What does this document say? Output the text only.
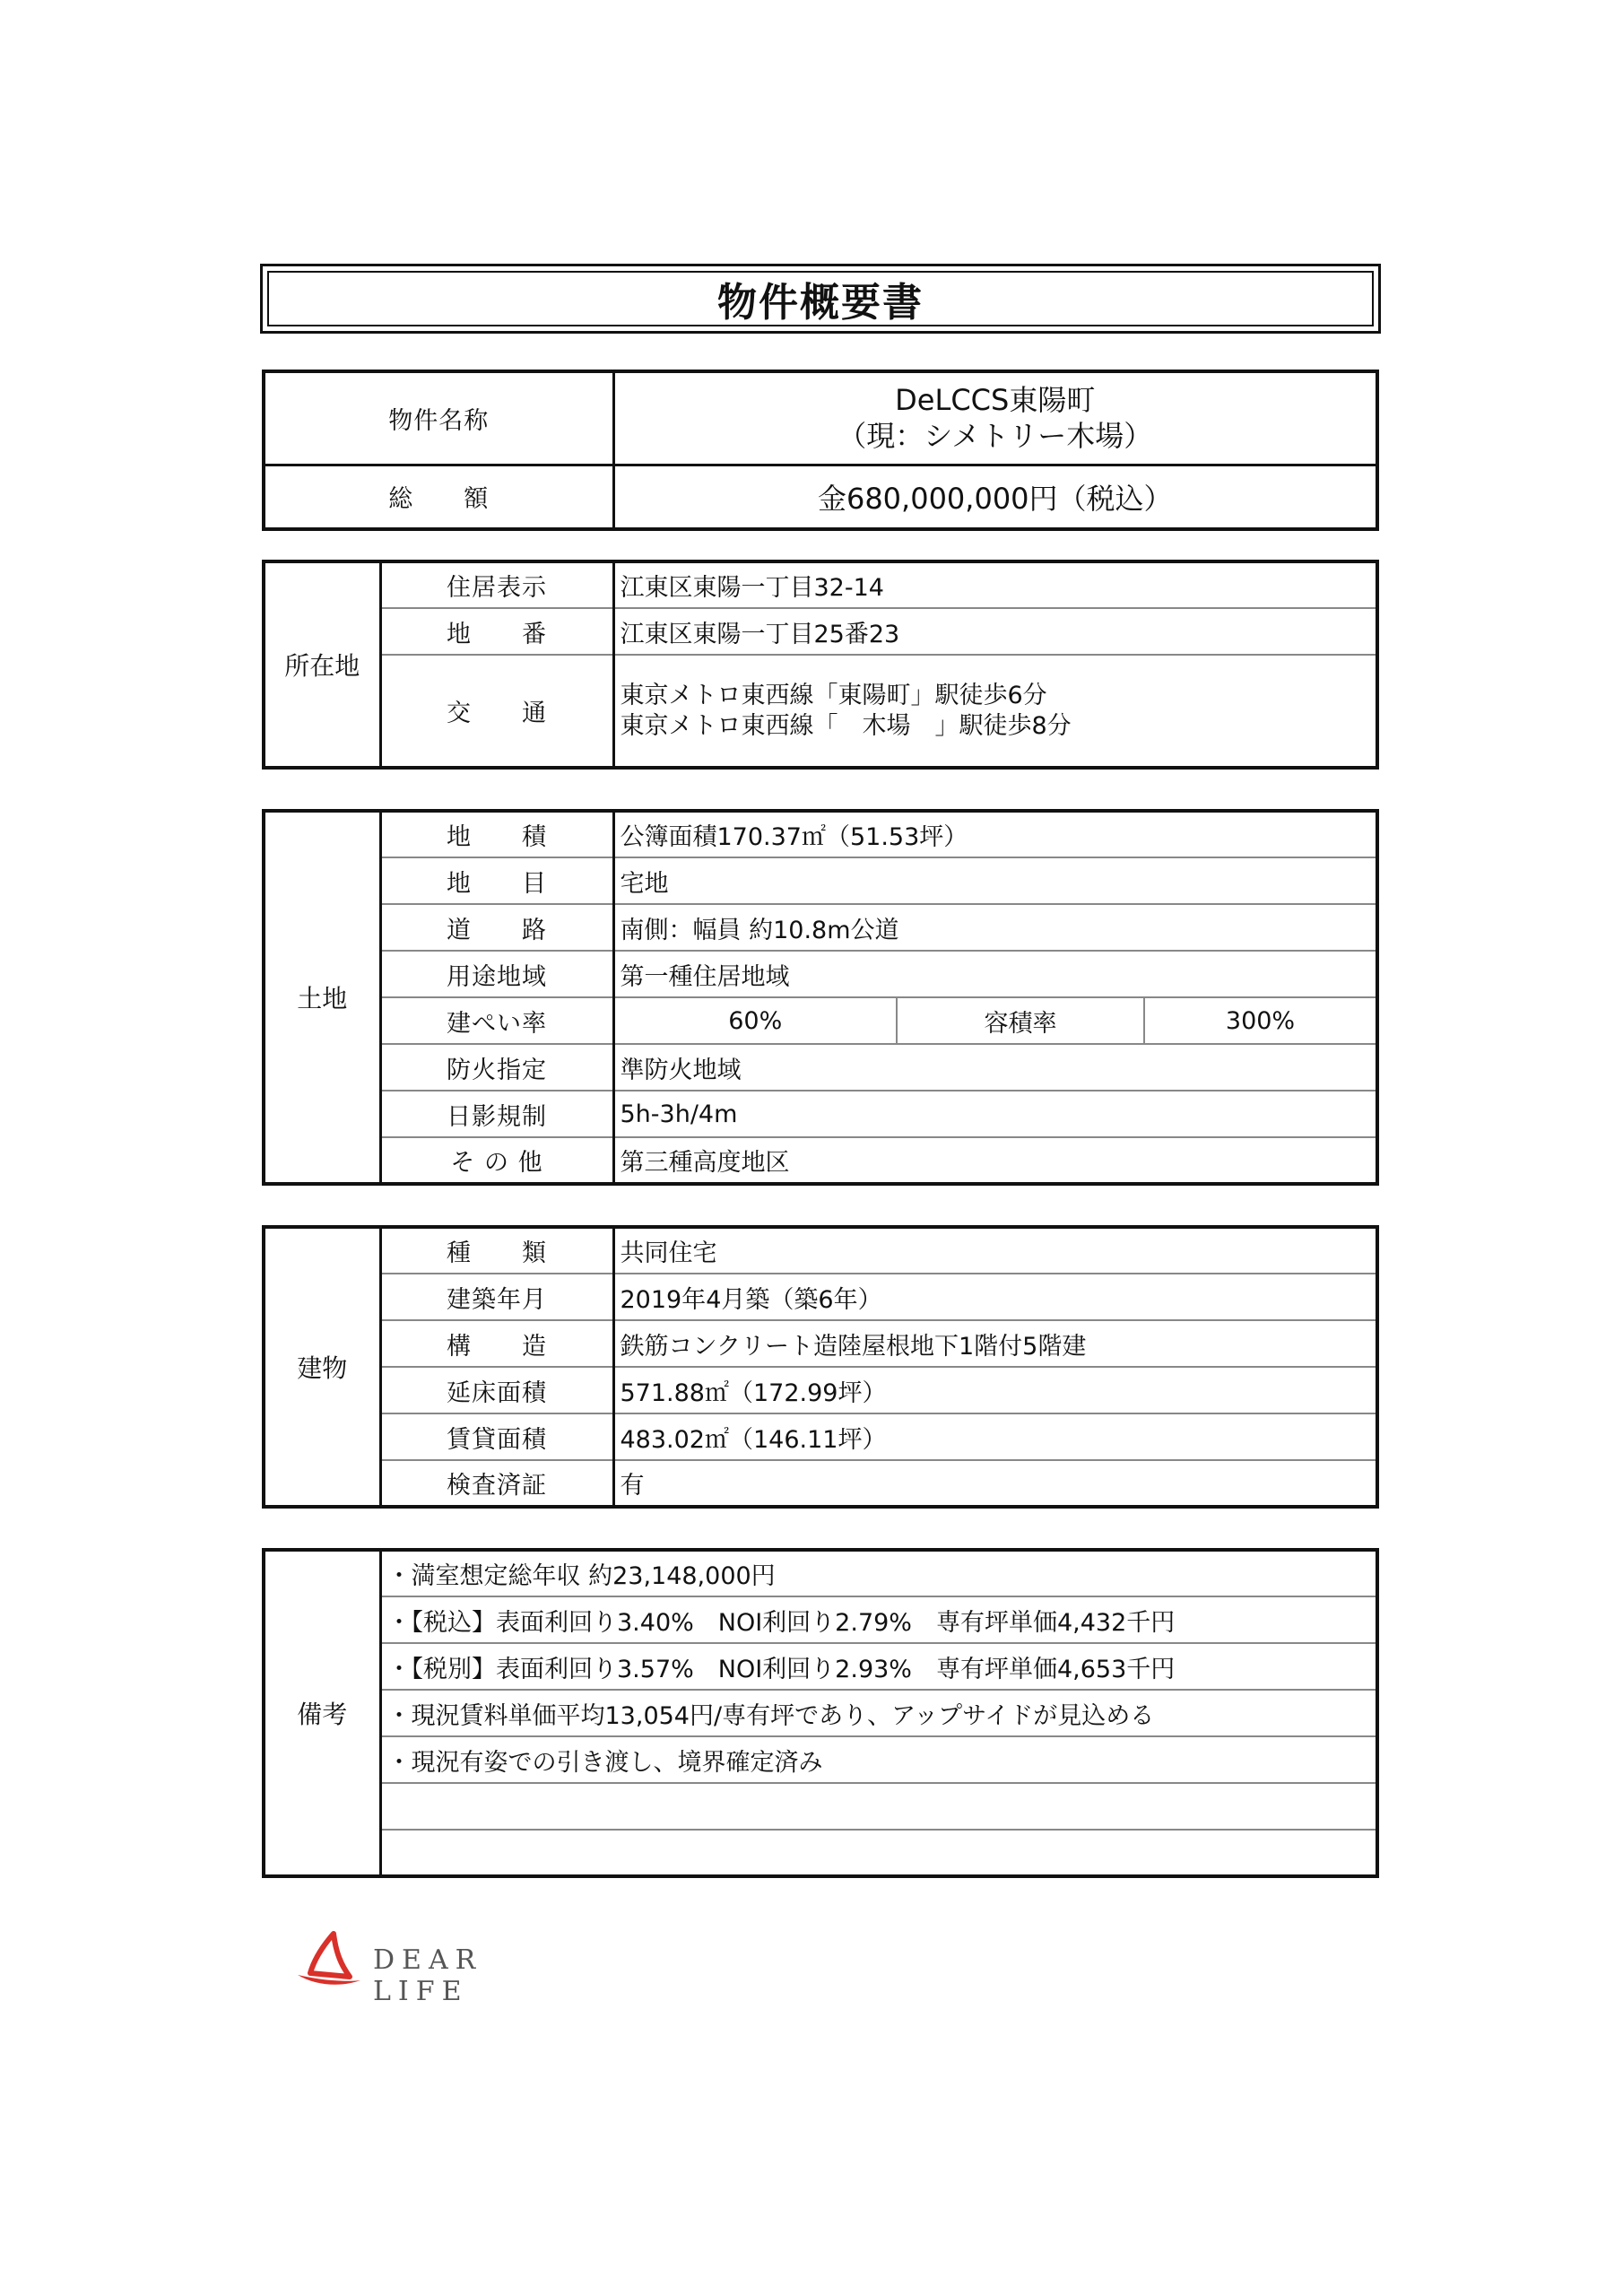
物件概要書
物件名称	DeLCCS東陽町
（現：シメトリー木場）

総　　額	金680,000,000円（税込）
所在地	住居表示	江東区東陽一丁目32-14
	地　　番	江東区東陽一丁目25番23
	交　　通	東京メトロ東西線「東陽町」駅徒歩6分
東京メトロ東西線「　木場　」駅徒歩8分
土地	地　　積	公簿面積170.37㎡（51.53坪）		
	地　　目	宅地		
	道　　路	南側：幅員 約10.8m公道		
	用途地域	第一種住居地域		
	建ぺい率	60%	容積率	300%
	防火指定	準防火地域		
	日影規制	5h-3h/4m		
	そ の 他	第三種高度地区		
建物	種　　類	共同住宅
	建築年月	2019年4月築（築6年）
	構　　造	鉄筋コンクリート造陸屋根地下1階付5階建
	延床面積	571.88㎡（172.99坪）
	賃貸面積	483.02㎡（146.11坪）
	検査済証	有
備考	・満室想定総年収 約23,148,000円
・【税込】表面利回り3.40%　NOI利回り2.79%　専有坪単価4,432千円
・【税別】表面利回り3.57%　NOI利回り2.93%　専有坪単価4,653千円
・現況賃料単価平均13,054円/専有坪であり、アップサイドが見込める
・現況有姿での引き渡し、境界確定済み

DEAR LIFE
